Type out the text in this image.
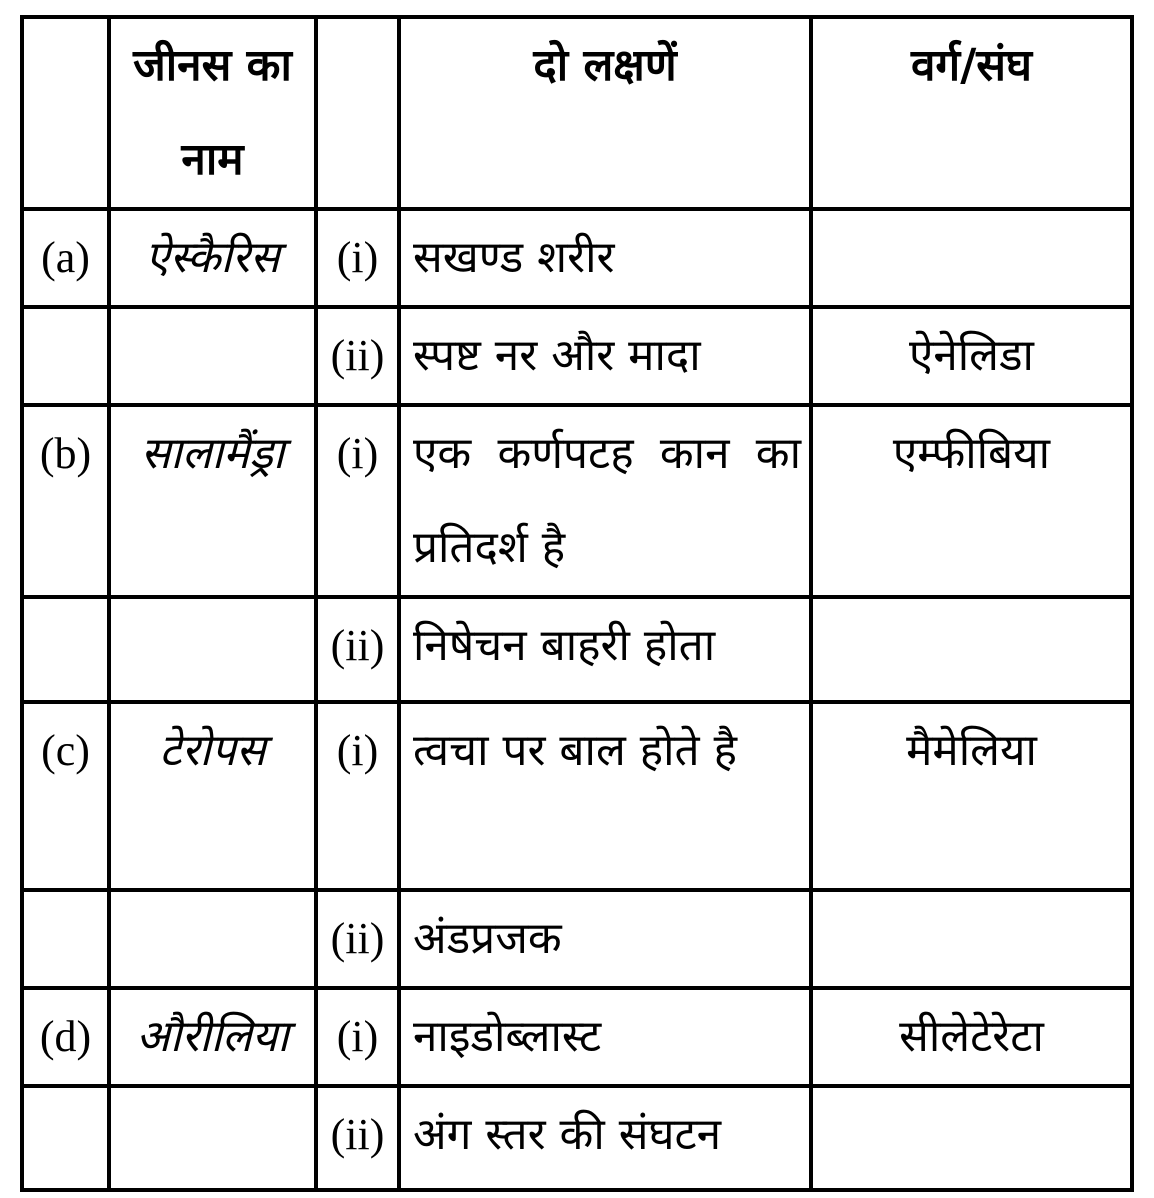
	जीनस का नाम		दो लक्षणें	वर्ग/संघ
(a)	ऐस्कैरिस	(i)	सखण्ड शरीर	
		(ii)	स्पष्ट नर और मादा	ऐनेलिडा
(b)	सालामैंड्रा	(i)	एक कर्णपटह कान का प्रतिदर्श है	एम्फीबिया
		(ii)	निषेचन बाहरी होता	
(c)	टेरोपस	(i)	त्वचा पर बाल होते है	मैमेलिया
		(ii)	अंडप्रजक	
(d)	औरीलिया	(i)	नाइडोब्लास्ट	सीलेटेरेटा
		(ii)	अंग स्तर की संघटन	
